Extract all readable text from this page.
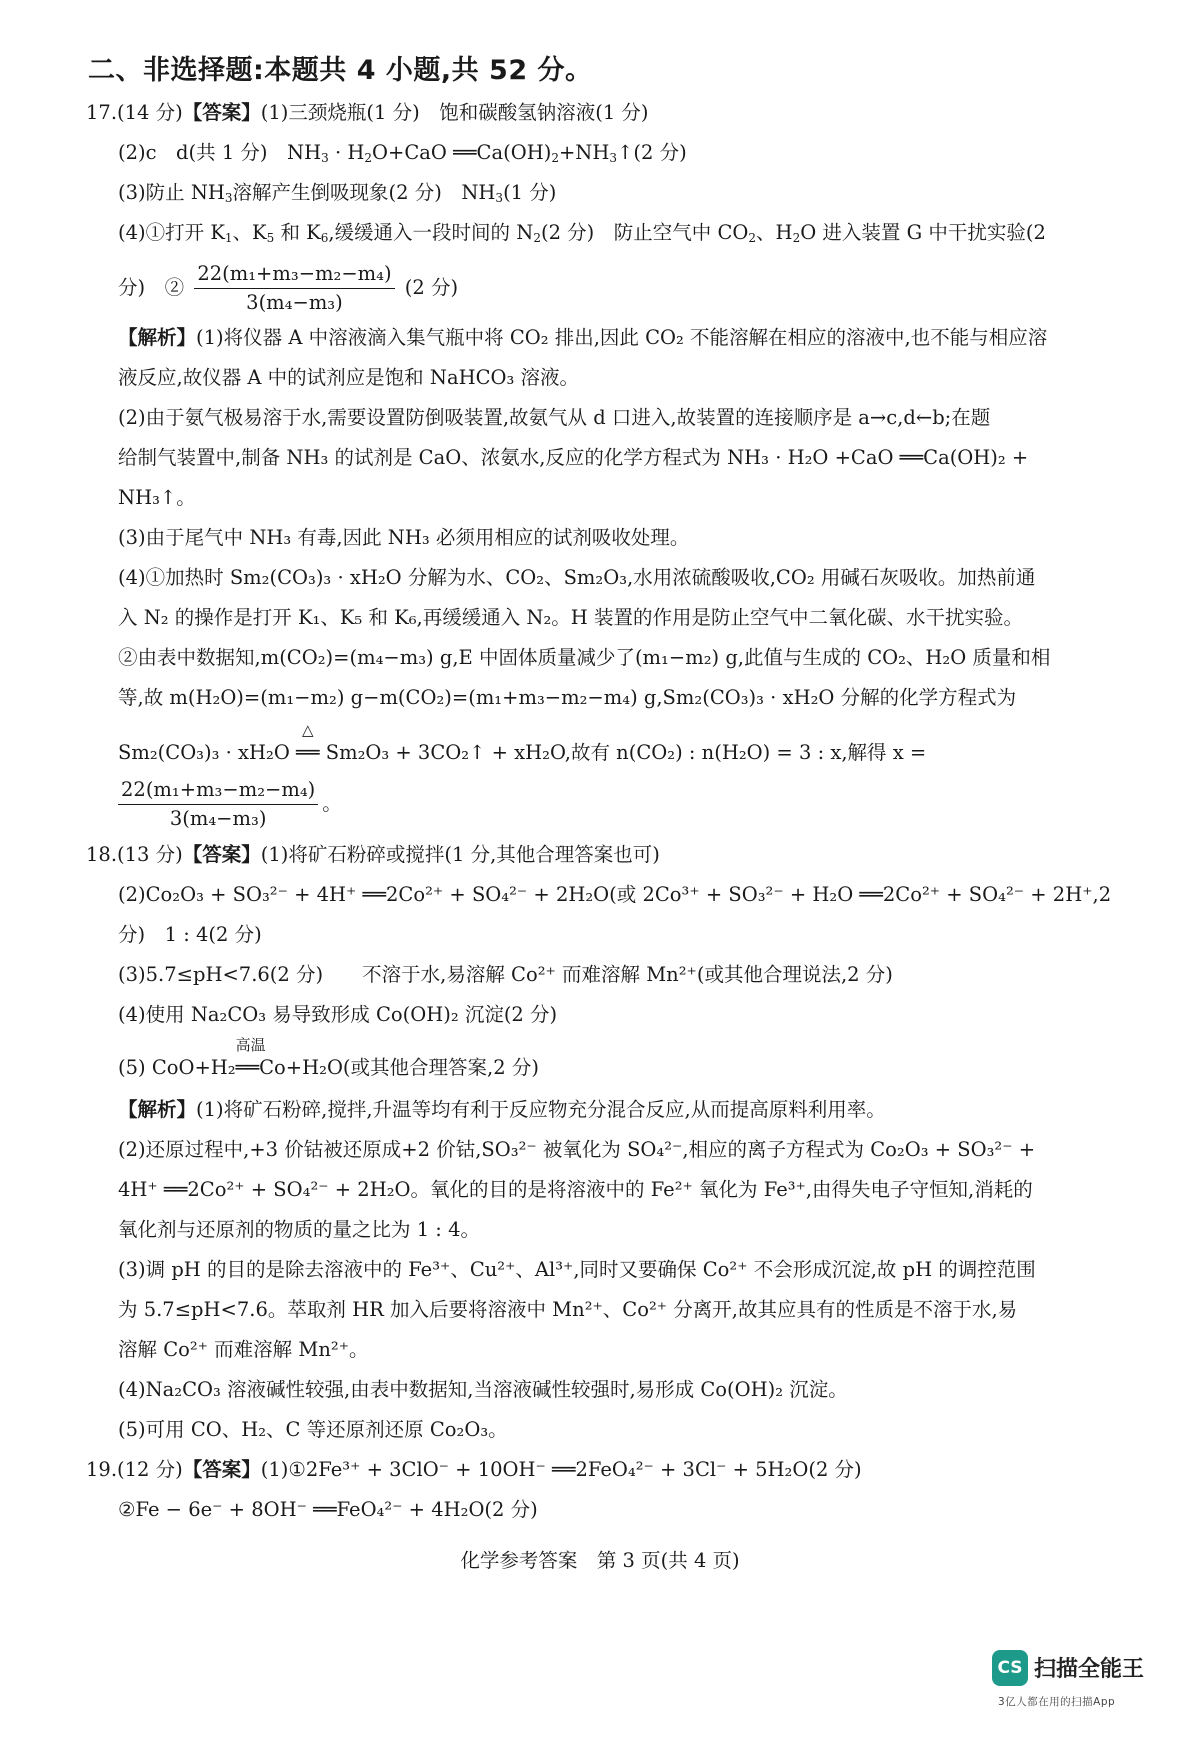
二、非选择题:本题共 4 小题,共 52 分。
17.(14 分)【答案】(1)三颈烧瓶(1 分)　饱和碳酸氢钠溶液(1 分)
(2)c　d(共 1 分)　$NH_3 \cdot H_2O+CaO$ $══Ca(OH)_2+NH_3↑(2$ 分)
(3)防止 $NH_3$溶解产生倒吸现象(2 分)　$NH_3(1$ 分)
(4)①打开 $K_1$、$K_5$ 和 $K_6$,缓缓通入一段时间的 $N_2(2$ 分)　防止空气中 $CO_2$、$H_2O$ 进入装置 G 中干扰实验(2
分)　② $\frac{\text{22(m₁+m₃−m₂−m₄)}}{\text{3(m₄−m₃)}} (2$ 分)
【解析】(1)将仪器 A 中溶液滴入集气瓶中将 CO₂ 排出,因此 CO₂ 不能溶解在相应的溶液中,也不能与相应溶
液反应,故仪器 A 中的试剂应是饱和 NaHCO₃ 溶液。
(2)由于氨气极易溶于水,需要设置防倒吸装置,故氨气从 d 口进入,故装置的连接顺序是 a→c,d←b;在题
给制气装置中,制备 NH₃ 的试剂是 CaO、浓氨水,反应的化学方程式为 NH₃ · H₂O +CaO ══Ca(OH)₂ +
NH₃↑。
(3)由于尾气中 NH₃ 有毒,因此 NH₃ 必须用相应的试剂吸收处理。
(4)①加热时 Sm₂(CO₃)₃ · xH₂O 分解为水、CO₂、Sm₂O₃,水用浓硫酸吸收,CO₂ 用碱石灰吸收。加热前通
入 N₂ 的操作是打开 K₁、K₅ 和 K₆,再缓缓通入 N₂。H 装置的作用是防止空气中二氧化碳、水干扰实验。
②由表中数据知,m(CO₂)=(m₄−m₃) g,E 中固体质量减少了(m₁−m₂) g,此值与生成的 CO₂、H₂O 质量和相
等,故 m(H₂O)=(m₁−m₂) g−m(CO₂)=(m₁+m₃−m₂−m₄) g,Sm₂(CO₃)₃ · xH₂O 分解的化学方程式为
Sm₂(CO₃)₃ · xH₂O
△
══ Sm₂O₃ + 3CO₂↑ + xH₂O,故有 n(CO₂) : n(H₂O) = 3 : x,解得 x =
$\frac{\text{22(m₁+m₃−m₂−m₄)}}{\text{3(m₄−m₃)}}$ 。
18.(13 分)【答案】(1)将矿石粉碎或搅拌(1 分,其他合理答案也可)
(2)Co₂O₃ + SO₃²⁻ + 4H⁺ ══2Co²⁺ + SO₄²⁻ + 2H₂O(或 2Co³⁺ + SO₃²⁻ + H₂O ══2Co²⁺ + SO₄²⁻ + 2H⁺,2
分)　1 : 4(2 分)
(3)5.7≤pH<7.6(2 分)　　不溶于水,易溶解 Co²⁺ 而难溶解 Mn²⁺(或其他合理说法,2 分)
(4)使用 Na₂CO₃ 易导致形成 Co(OH)₂ 沉淀(2 分)
(5) CoO+H₂
高温
══Co+H₂O(或其他合理答案,2 分)
【解析】(1)将矿石粉碎,搅拌,升温等均有利于反应物充分混合反应,从而提高原料利用率。
(2)还原过程中,+3 价钴被还原成+2 价钴,SO₃²⁻ 被氧化为 SO₄²⁻,相应的离子方程式为 Co₂O₃ + SO₃²⁻ +
4H⁺ ══2Co²⁺ + SO₄²⁻ + 2H₂O。氧化的目的是将溶液中的 Fe²⁺ 氧化为 Fe³⁺,由得失电子守恒知,消耗的
氧化剂与还原剂的物质的量之比为 1 : 4。
(3)调 pH 的目的是除去溶液中的 Fe³⁺、Cu²⁺、Al³⁺,同时又要确保 Co²⁺ 不会形成沉淀,故 pH 的调控范围
为 5.7≤pH<7.6。萃取剂 HR 加入后要将溶液中 Mn²⁺、Co²⁺ 分离开,故其应具有的性质是不溶于水,易
溶解 Co²⁺ 而难溶解 Mn²⁺。
(4)Na₂CO₃ 溶液碱性较强,由表中数据知,当溶液碱性较强时,易形成 Co(OH)₂ 沉淀。
(5)可用 CO、H₂、C 等还原剂还原 Co₂O₃。
19.(12 分)【答案】(1)①2Fe³⁺ + 3ClO⁻ + 10OH⁻ ══2FeO₄²⁻ + 3Cl⁻ + 5H₂O(2 分)
②Fe − 6e⁻ + 8OH⁻ ══FeO₄²⁻ + 4H₂O(2 分)
化学参考答案　第 3 页(共 4 页)
CS 扫描全能王
3亿人都在用的扫描App
